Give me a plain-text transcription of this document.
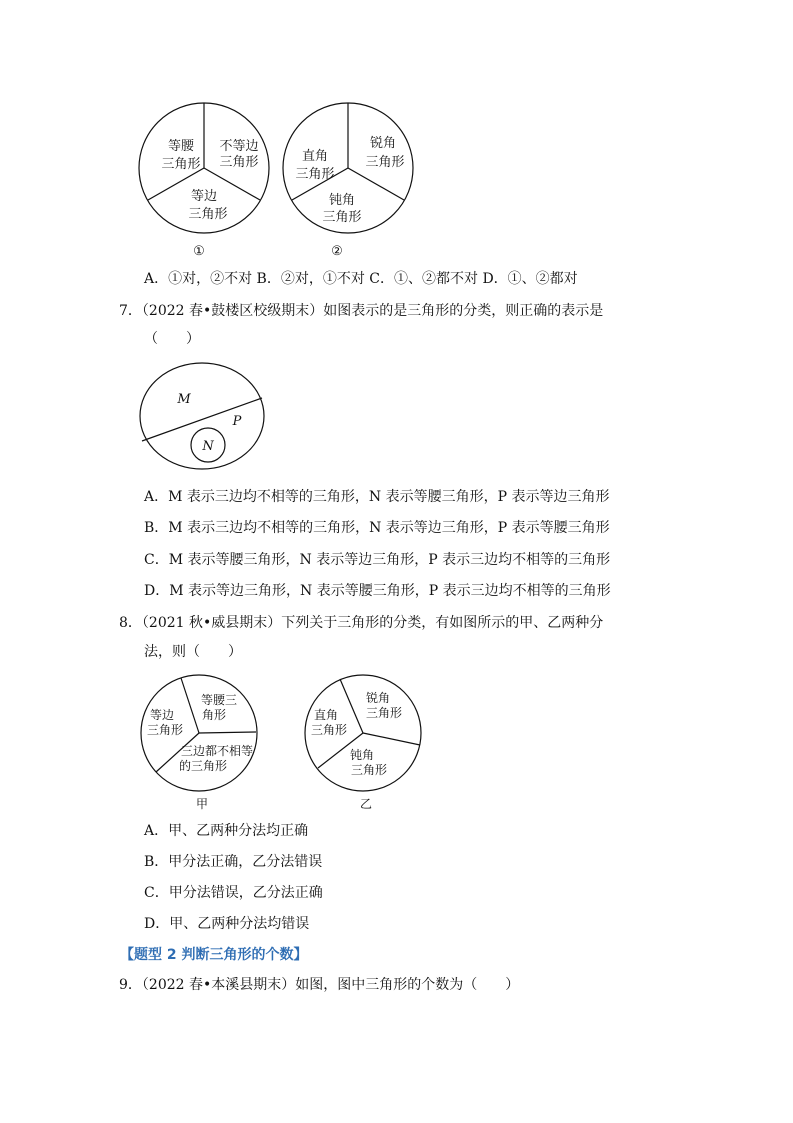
等腰
三角形
不等边
三角形
等边
三角形
①
直角
三角形
锐角
三角形
钝角
三角形
②
A．①对，②不对 B．②对，①不对 C．①、②都不对 D．①、②都对
7．（2022 春•鼓楼区校级期末）如图表示的是三角形的分类，则正确的表示是
（　　）
M
P
N
A．M 表示三边均不相等的三角形，N 表示等腰三角形，P 表示等边三角形
B．M 表示三边均不相等的三角形，N 表示等边三角形，P 表示等腰三角形
C．M 表示等腰三角形，N 表示等边三角形，P 表示三边均不相等的三角形
D．M 表示等边三角形，N 表示等腰三角形，P 表示三边均不相等的三角形
8．（2021 秋•威县期末）下列关于三角形的分类，有如图所示的甲、乙两种分
法，则（　　）
等边
三角形
等腰三
角形
三边都不相等
的三角形
甲
直角
三角形
锐角
三角形
钝角
三角形
乙
A．甲、乙两种分法均正确
B．甲分法正确，乙分法错误
C．甲分法错误，乙分法正确
D．甲、乙两种分法均错误
【题型 2 判断三角形的个数】
9．（2022 春•本溪县期末）如图，图中三角形的个数为（　　）
